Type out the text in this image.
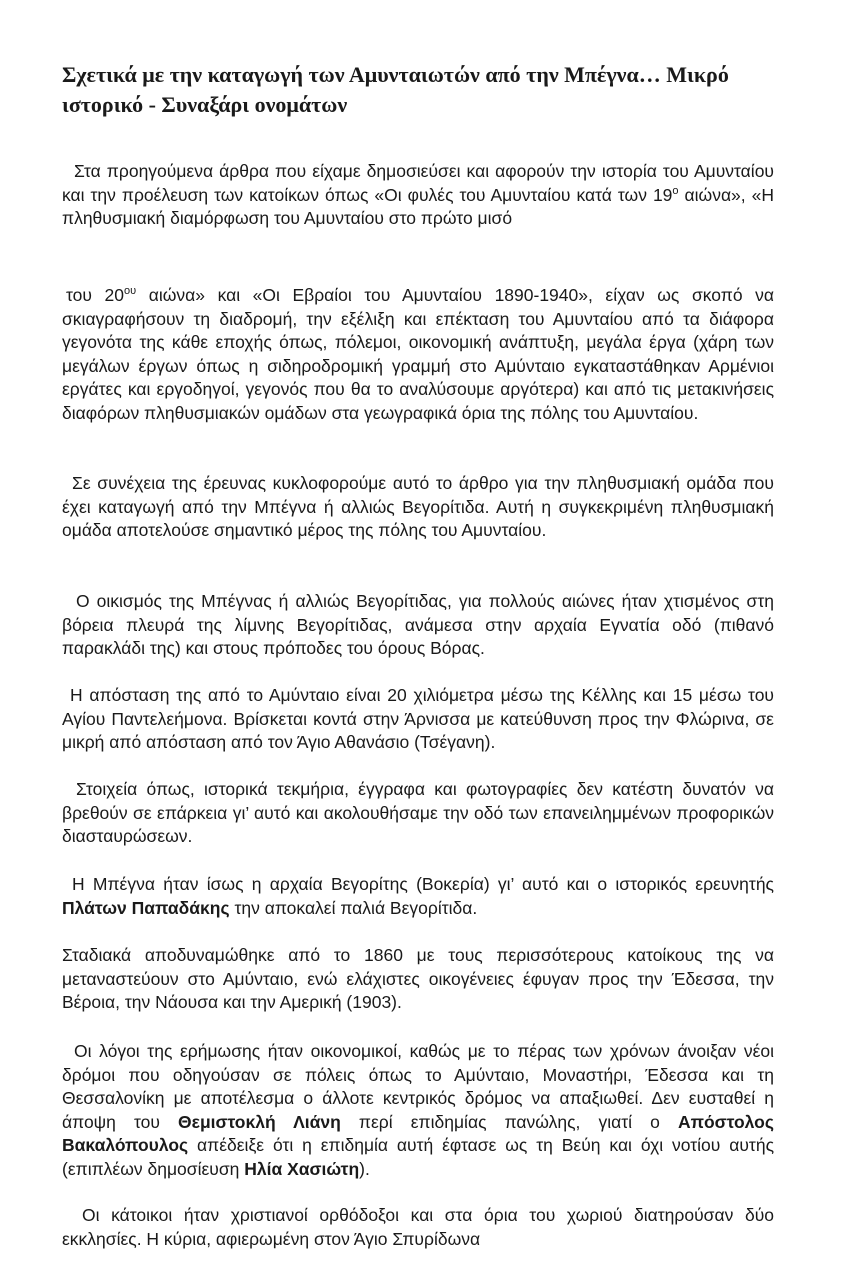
Σχετικά με την καταγωγή των Αμυνταιωτών από την Μπέγνα… Μικρό ιστορικό - Συναξάρι ονομάτων

Στα προηγούμενα άρθρα που είχαμε δημοσιεύσει και αφορούν την ιστορία του Αμυνταίου και την προέλευση των κατοίκων όπως «Οι φυλές του Αμυνταίου κατά των $19^o$ αιώνα», «Η πληθυσμιακή διαμόρφωση του Αμυνταίου στο πρώτο μισό

του $20^{o\upsilon}$ αιώνα» και «Οι Εβραίοι του Αμυνταίου 1890-1940», είχαν ως σκοπό να σκιαγραφήσουν τη διαδρομή, την εξέλιξη και επέκταση του Αμυνταίου από τα διάφορα γεγονότα της κάθε εποχής όπως, πόλεμοι, οικονομική ανάπτυξη, μεγάλα έργα (χάρη των μεγάλων έργων όπως η σιδηροδρομική γραμμή στο Αμύνταιο εγκαταστάθηκαν Αρμένιοι εργάτες και εργοδηγοί, γεγονός που θα το αναλύσουμε αργότερα) και από τις μετακινήσεις διαφόρων πληθυσμιακών ομάδων στα γεωγραφικά όρια της πόλης του Αμυνταίου.

Σε συνέχεια της έρευνας κυκλοφορούμε αυτό το άρθρο για την πληθυσμιακή ομάδα που έχει καταγωγή από την Μπέγνα ή αλλιώς Βεγορίτιδα. Αυτή η συγκεκριμένη πληθυσμιακή ομάδα αποτελούσε σημαντικό μέρος της πόλης του Αμυνταίου.

Ο οικισμός της Μπέγνας ή αλλιώς Βεγορίτιδας, για πολλούς αιώνες ήταν χτισμένος στη βόρεια πλευρά της λίμνης Βεγορίτιδας, ανάμεσα στην αρχαία Εγνατία οδό (πιθανό παρακλάδι της) και στους πρόποδες του όρους Βόρας.

Η απόσταση της από το Αμύνταιο είναι 20 χιλιόμετρα μέσω της Κέλλης και 15 μέσω του Αγίου Παντελεήμονα. Βρίσκεται κοντά στην Άρνισσα με κατεύθυνση προς την Φλώρινα, σε μικρή από απόσταση από τον Άγιο Αθανάσιο (Τσέγανη).

Στοιχεία όπως, ιστορικά τεκμήρια, έγγραφα και φωτογραφίες δεν κατέστη δυνατόν να βρεθούν σε επάρκεια γι’ αυτό και ακολουθήσαμε την οδό των επανειλημμένων προφορικών διασταυρώσεων.

Η Μπέγνα ήταν ίσως η αρχαία Βεγορίτης (Βοκερία) γι’ αυτό και ο ιστορικός ερευνητής Πλάτων Παπαδάκης την αποκαλεί παλιά Βεγορίτιδα.

Σταδιακά αποδυναμώθηκε από το 1860 με τους περισσότερους κατοίκους της να μεταναστεύουν στο Αμύνταιο, ενώ ελάχιστες οικογένειες έφυγαν προς την Έδεσσα, την Βέροια, την Νάουσα και την Αμερική (1903).

Οι λόγοι της ερήμωσης ήταν οικονομικοί, καθώς με το πέρας των χρόνων άνοιξαν νέοι δρόμοι που οδηγούσαν σε πόλεις όπως το Αμύνταιο, Μοναστήρι, Έδεσσα και τη Θεσσαλονίκη με αποτέλεσμα ο άλλοτε κεντρικός δρόμος να απαξιωθεί. Δεν ευσταθεί η άποψη του Θεμιστοκλή Λιάνη περί επιδημίας πανώλης, γιατί ο Απόστολος Βακαλόπουλος απέδειξε ότι η επιδημία αυτή έφτασε ως τη Βεύη και όχι νοτίου αυτής (επιπλέων δημοσίευση Ηλία Χασιώτη).

Οι κάτοικοι ήταν χριστιανοί ορθόδοξοι και στα όρια του χωριού διατηρούσαν δύο εκκλησίες. Η κύρια, αφιερωμένη στον Άγιο Σπυρίδωνα
